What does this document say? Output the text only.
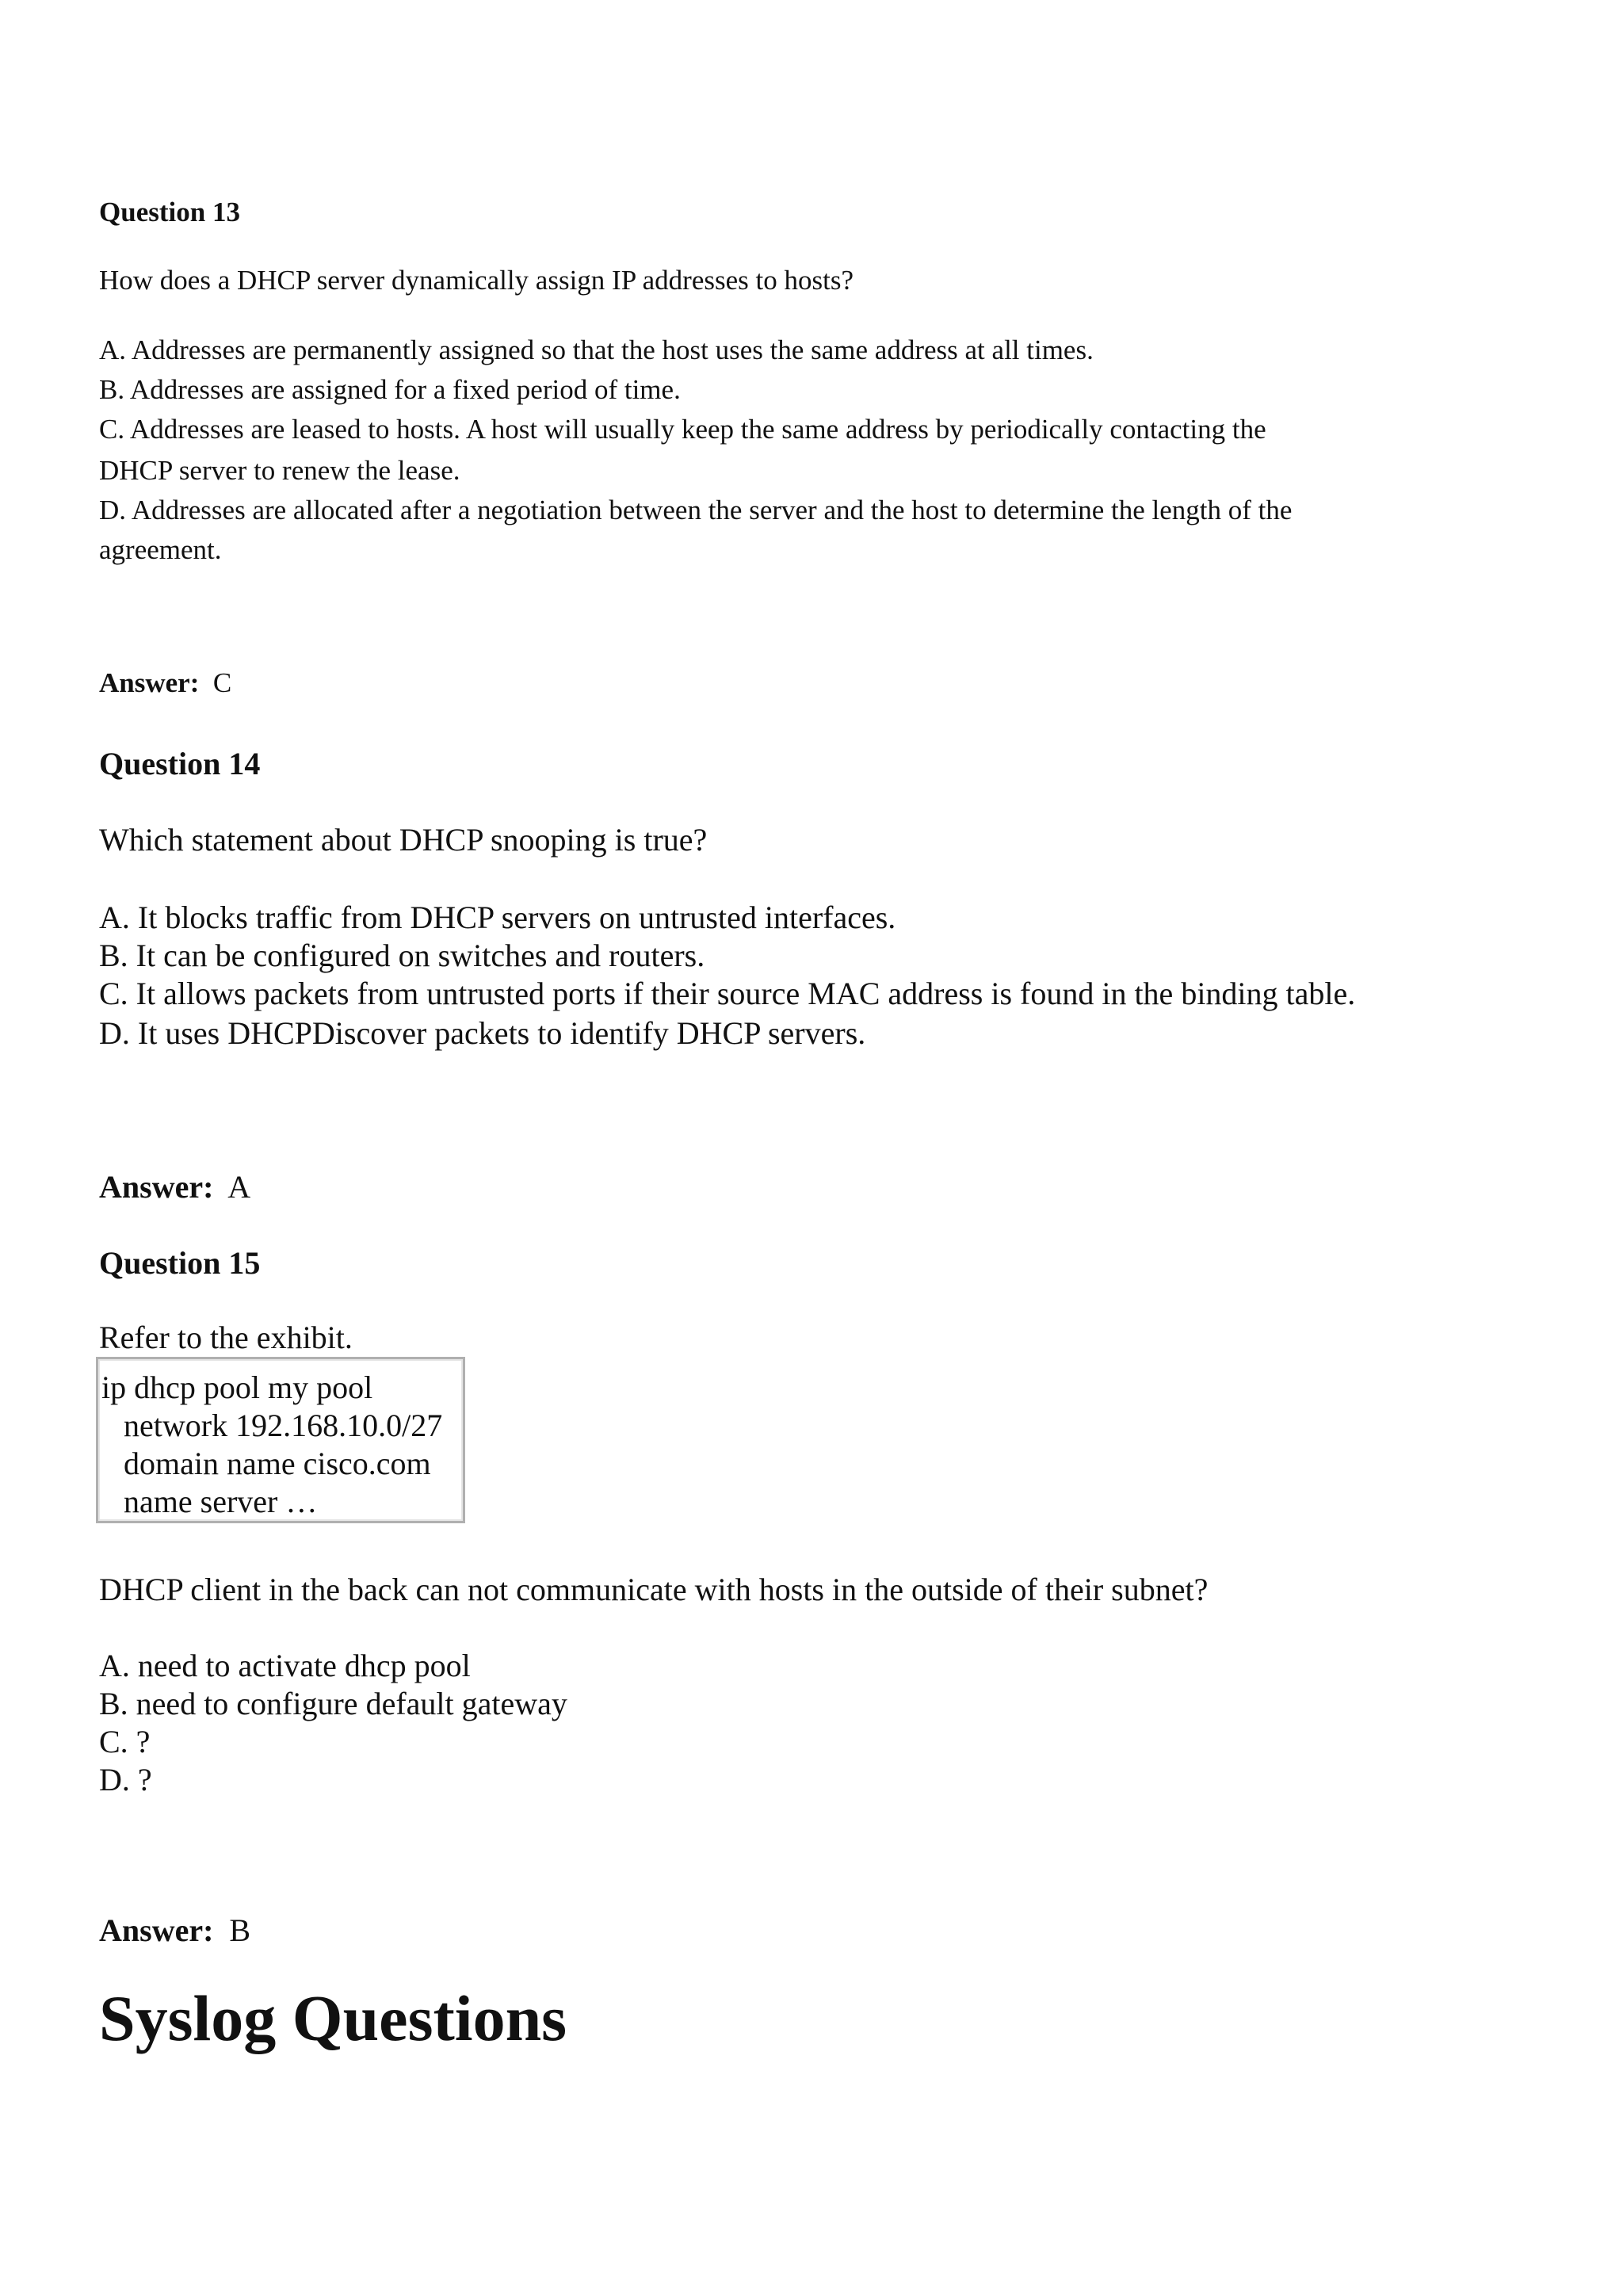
Question 13
How does a DHCP server dynamically assign IP addresses to hosts?
A. Addresses are permanently assigned so that the host uses the same address at all times.
B. Addresses are assigned for a fixed period of time.
C. Addresses are leased to hosts. A host will usually keep the same address by periodically contacting the
DHCP server to renew the lease.
D. Addresses are allocated after a negotiation between the server and the host to determine the length of the
agreement.
Answer: C
Question 14
Which statement about DHCP snooping is true?
A. It blocks traffic from DHCP servers on untrusted interfaces.
B. It can be configured on switches and routers.
C. It allows packets from untrusted ports if their source MAC address is found in the binding table.
D. It uses DHCPDiscover packets to identify DHCP servers.
Answer: A
Question 15
Refer to the exhibit.
ip dhcp pool my pool
network 192.168.10.0/27
domain name cisco.com
name server …
DHCP client in the back can not communicate with hosts in the outside of their subnet?
A. need to activate dhcp pool
B. need to configure default gateway
C. ?
D. ?
Answer: B
Syslog Questions
